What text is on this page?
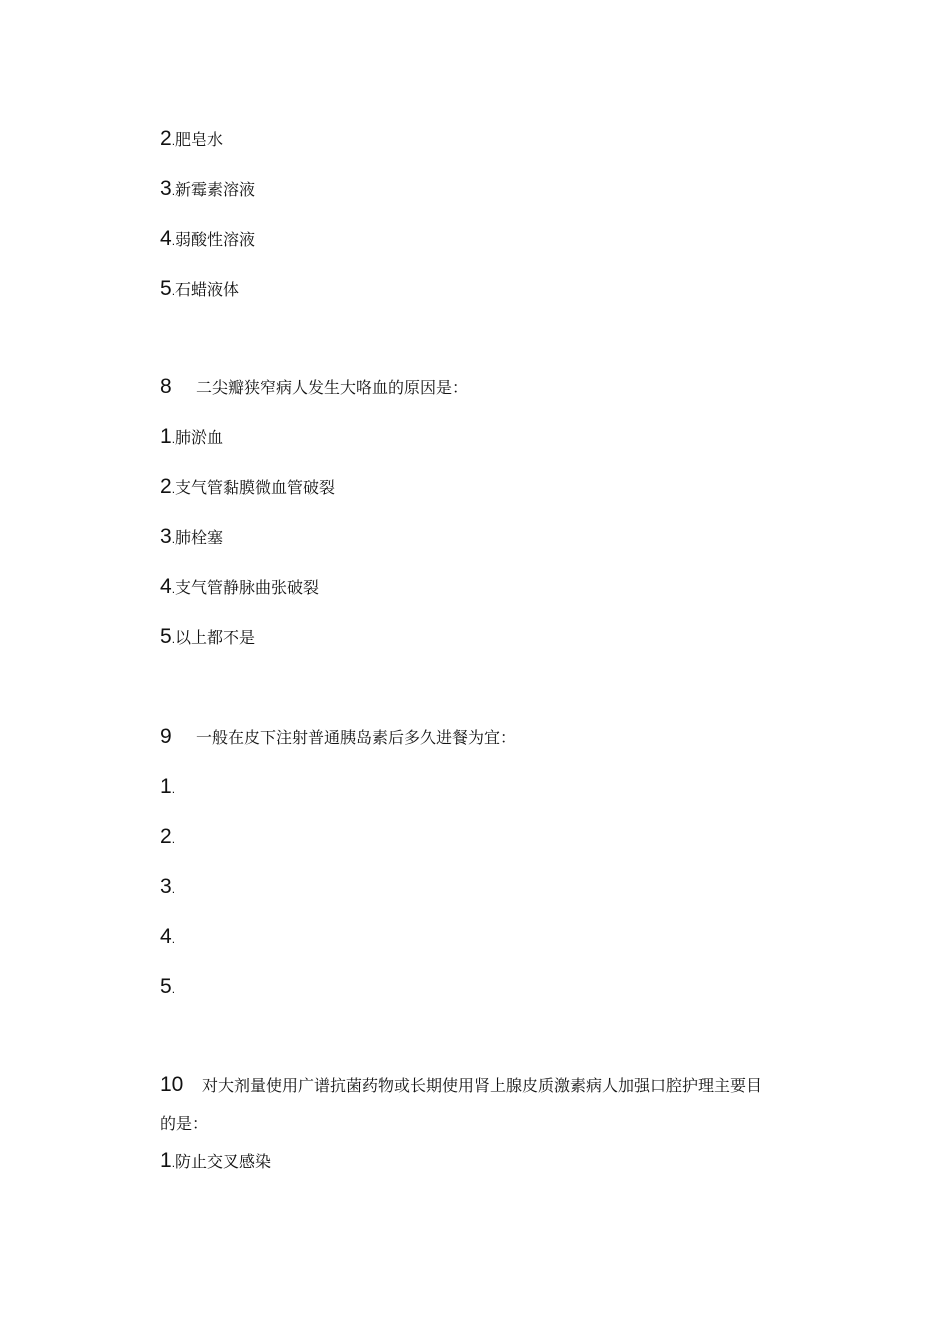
2.肥皂水
3.新霉素溶液
4.弱酸性溶液
5.石蜡液体
8 二尖瓣狭窄病人发生大咯血的原因是：
1.肺淤血
2.支气管黏膜微血管破裂
3.肺栓塞
4.支气管静脉曲张破裂
5.以上都不是
9 一般在皮下注射普通胰岛素后多久进餐为宜：
1.
2.
3.
4.
5.
10 对大剂量使用广谱抗菌药物或长期使用肾上腺皮质激素病人加强口腔护理主要目
的是：
1.防止交叉感染
